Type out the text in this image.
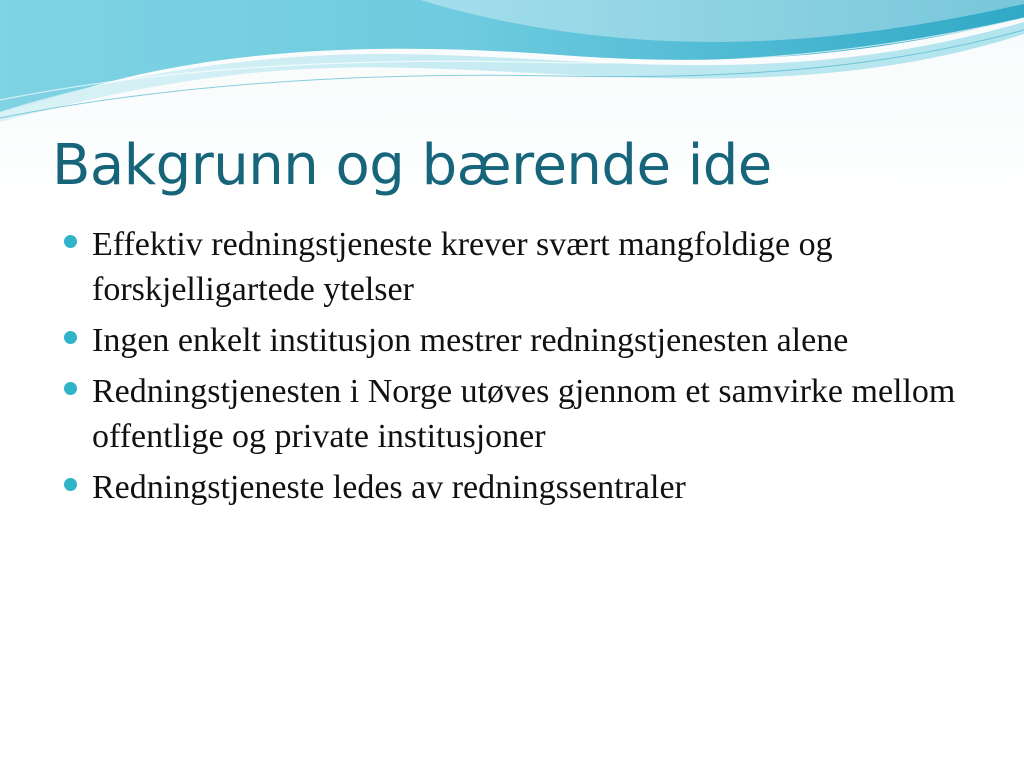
Bakgrunn og bærende ide
Effektiv redningstjeneste krever svært mangfoldige og forskjelligartede ytelser
Ingen enkelt institusjon mestrer redningstjenesten alene
Redningstjenesten i Norge utøves gjennom et samvirke mellom offentlige og private institusjoner
Redningstjeneste ledes av redningssentraler
